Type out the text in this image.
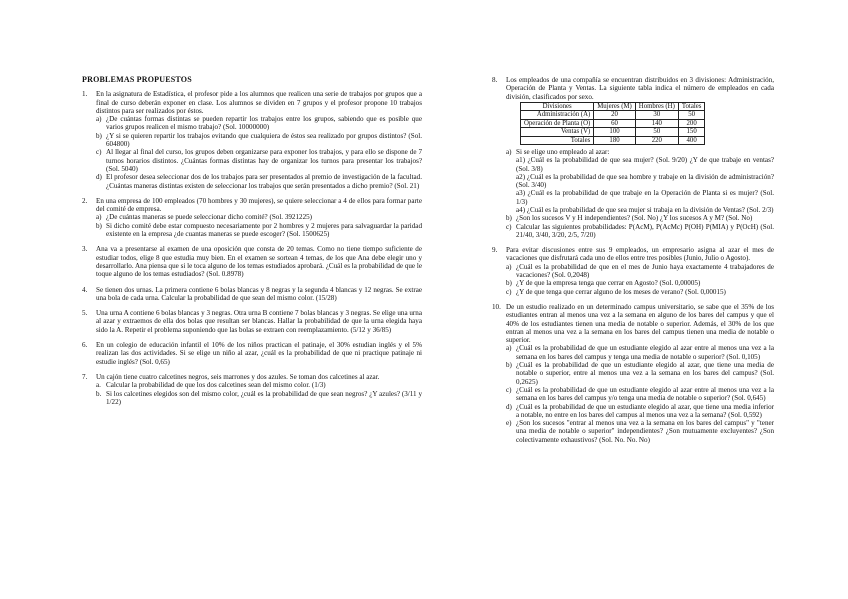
PROBLEMAS PROPUESTOS
1.	En la asignatura de Estadística, el profesor pide a los alumnos que realicen una serie de trabajos por grupos que a final de curso deberán exponer en clase. Los alumnos se dividen en 7 grupos y el profesor propone 10 trabajos distintos para ser realizados por éstos.
a) ¿De cuántas formas distintas se pueden repartir los trabajos entre los grupos, sabiendo que es posible que varios grupos realicen el mismo trabajo? (Sol. 10000000)
b) ¿Y si se quieren repartir los trabajos evitando que cualquiera de éstos sea realizado por grupos distintos? (Sol. 604800)
c) Al llegar al final del curso, los grupos deben organizarse para exponer los trabajos, y para ello se dispone de 7 turnos horarios distintos. ¿Cuántas formas distintas hay de organizar los turnos para presentar los trabajos? (Sol. 5040)
d) El profesor desea seleccionar dos de los trabajos para ser presentados al premio de investigación de la facultad. ¿Cuántas maneras distintas existen de seleccionar los trabajos que serán presentados a dicho premio? (Sol. 21)
2.	En una empresa de 100 empleados (70 hombres y 30 mujeres), se quiere seleccionar a 4 de ellos para formar parte del comité de empresa.
a) ¿De cuántas maneras se puede seleccionar dicho comité? (Sol. 3921225)
b) Si dicho comité debe estar compuesto necesariamente por 2 hombres y 2 mujeres para salvaguardar la paridad existente en la empresa ¿de cuantas maneras se puede escoger? (Sol. 1500625)
3.	Ana va a presentarse al examen de una oposición que consta de 20 temas. Como no tiene tiempo suficiente de estudiar todos, elige 8 que estudia muy bien. En el examen se sortean 4 temas, de los que Ana debe elegir uno y desarrollarlo. Ana piensa que si le toca alguno de los temas estudiados aprobará. ¿Cuál es la probabilidad de que le toque alguno de los temas estudiados? (Sol. 0.8978)
4.	Se tienen dos urnas. La primera contiene 6 bolas blancas y 8 negras y la segunda 4 blancas y 12 negras. Se extrae una bola de cada urna. Calcular la probabilidad de que sean del mismo color. (15/28)
5.	Una urna A contiene 6 bolas blancas y 3 negras. Otra urna B contiene 7 bolas blancas y 3 negras. Se elige una urna al azar y extraemos de ella dos bolas que resultan ser blancas. Hallar la probabilidad de que la urna elegida haya sido la A. Repetir el problema suponiendo que las bolas se extraen con reemplazamiento. (5/12 y 36/85)
6.	En un colegio de educación infantil el 10% de los niños practican el patinaje, el 30% estudian inglés y el 5% realizan las dos actividades. Si se elige un niño al azar, ¿cuál es la probabilidad de que ni practique patinaje ni estudie inglés? (Sol. 0,65)
7.	Un cajón tiene cuatro calcetines negros, seis marrones y dos azules. Se toman dos calcetines al azar.
a. Calcular la probabilidad de que los dos calcetines sean del mismo color. (1/3)
b. Si los calcetines elegidos son del mismo color, ¿cuál es la probabilidad de que sean negros? ¿Y azules? (3/11 y 1/22)
8.	Los empleados de una compañía se encuentran distribuidos en 3 divisiones: Administración, Operación de Planta y Ventas. La siguiente tabla indica el número de empleados en cada división, clasificados por sexo.
Divisiones	Mujeres (M)	Hombres (H)	Totales
Administración (A)	20	30	50
Operación de Planta (O)	60	140	200
Ventas (V)	100	50	150
Totales	180	220	400
a) Si se elige uno empleado al azar:
a1) ¿Cuál es la probabilidad de que sea mujer? (Sol. 9/20) ¿Y de que trabaje en ventas? (Sol. 3/8)
a2) ¿Cuál es la probabilidad de que sea hombre y trabaje en la división de administración? (Sol. 3/40)
a3) ¿Cuál es la probabilidad de que trabaje en la Operación de Planta si es mujer? (Sol. 1/3)
a4) ¿Cuál es la probabilidad de que sea mujer si trabaja en la división de Ventas? (Sol. 2/3)
b) ¿Son los sucesos V y H independientes? (Sol. No) ¿Y los sucesos A y M? (Sol. No)
c) Calcular las siguientes probabilidades: P(AcM), P(AcMc) P(OH) P(MIA) y P(OcH) (Sol. 21/40, 3/40, 3/20, 2/5, 7/20)
9.	Para evitar discusiones entre sus 9 empleados, un empresario asigna al azar el mes de vacaciones que disfrutará cada uno de ellos entre tres posibles (Junio, Julio o Agosto).
a) ¿Cuál es la probabilidad de que en el mes de Junio haya exactamente 4 trabajadores de vacaciones? (Sol. 0,2048)
b) ¿Y de que la empresa tenga que cerrar en Agosto? (Sol. 0,00005)
c) ¿Y de que tenga que cerrar alguno de los meses de verano? (Sol. 0,00015)
10. De un estudio realizado en un determinado campus universitario, se sabe que el 35% de los estudiantes entran al menos una vez a la semana en alguno de los bares del campus y que el 40% de los estudiantes tienen una media de notable o superior. Además, el 30% de los que entran al menos una vez a la semana en los bares del campus tienen una media de notable o superior.
a) ¿Cuál es la probabilidad de que un estudiante elegido al azar entre al menos una vez a la semana en los bares del campus y tenga una media de notable o superior? (Sol. 0,105)
b) ¿Cuál es la probabilidad de que un estudiante elegido al azar, que tiene una media de notable o superior, entre al menos una vez a la semana en los bares del campus? (Sol. 0,2625)
c) ¿Cuál es la probabilidad de que un estudiante elegido al azar entre al menos una vez a la semana en los bares del campus y/o tenga una media de notable o superior? (Sol. 0,645)
d) ¿Cuál es la probabilidad de que un estudiante elegido al azar, que tiene una media inferior a notable, no entre en los bares del campus al menos una vez a la semana? (Sol. 0,592)
e) ¿Son los sucesos "entrar al menos una vez a la semana en los bares del campus" y "tener una media de notable o superior" independientes? ¿Son mutuamente excluyentes? ¿Son colectivamente exhaustivos? (Sol. No. No. No)
